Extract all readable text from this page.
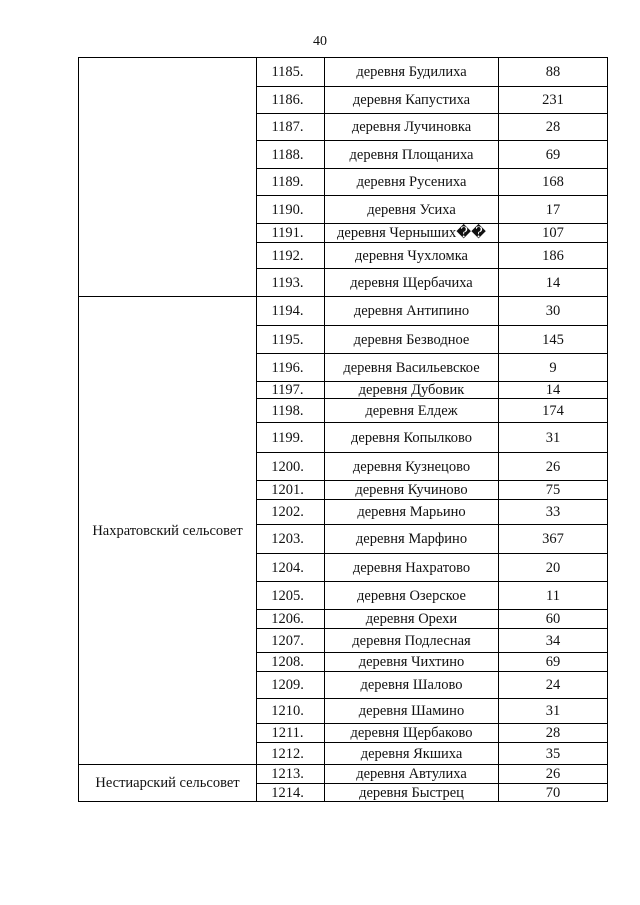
40
	1185.	деревня Будилиха	88
	1186.	деревня Капустиха	231
	1187.	деревня Лучиновка	28
	1188.	деревня Площаниха	69
	1189.	деревня Русениха	168
	1190.	деревня Усиха	17
	1191.	деревня Черныших��	107
	1192.	деревня Чухломка	186
	1193.	деревня Щербачиха	14
Нахратовский сельсовет	1194.	деревня Антипино	30
	1195.	деревня Безводное	145
	1196.	деревня Васильевское	9
	1197.	деревня Дубовик	14
	1198.	деревня Елдеж	174
	1199.	деревня Копылково	31
	1200.	деревня Кузнецово	26
	1201.	деревня Кучиново	75
	1202.	деревня Марьино	33
	1203.	деревня Марфино	367
	1204.	деревня Нахратово	20
	1205.	деревня Озерское	11
	1206.	деревня Орехи	60
	1207.	деревня Подлесная	34
	1208.	деревня Чихтино	69
	1209.	деревня Шалово	24
	1210.	деревня Шамино	31
	1211.	деревня Щербаково	28
	1212.	деревня Якшиха	35
Нестиарский сельсовет	1213.	деревня Автулиха	26
	1214.	деревня Быстрец	70
